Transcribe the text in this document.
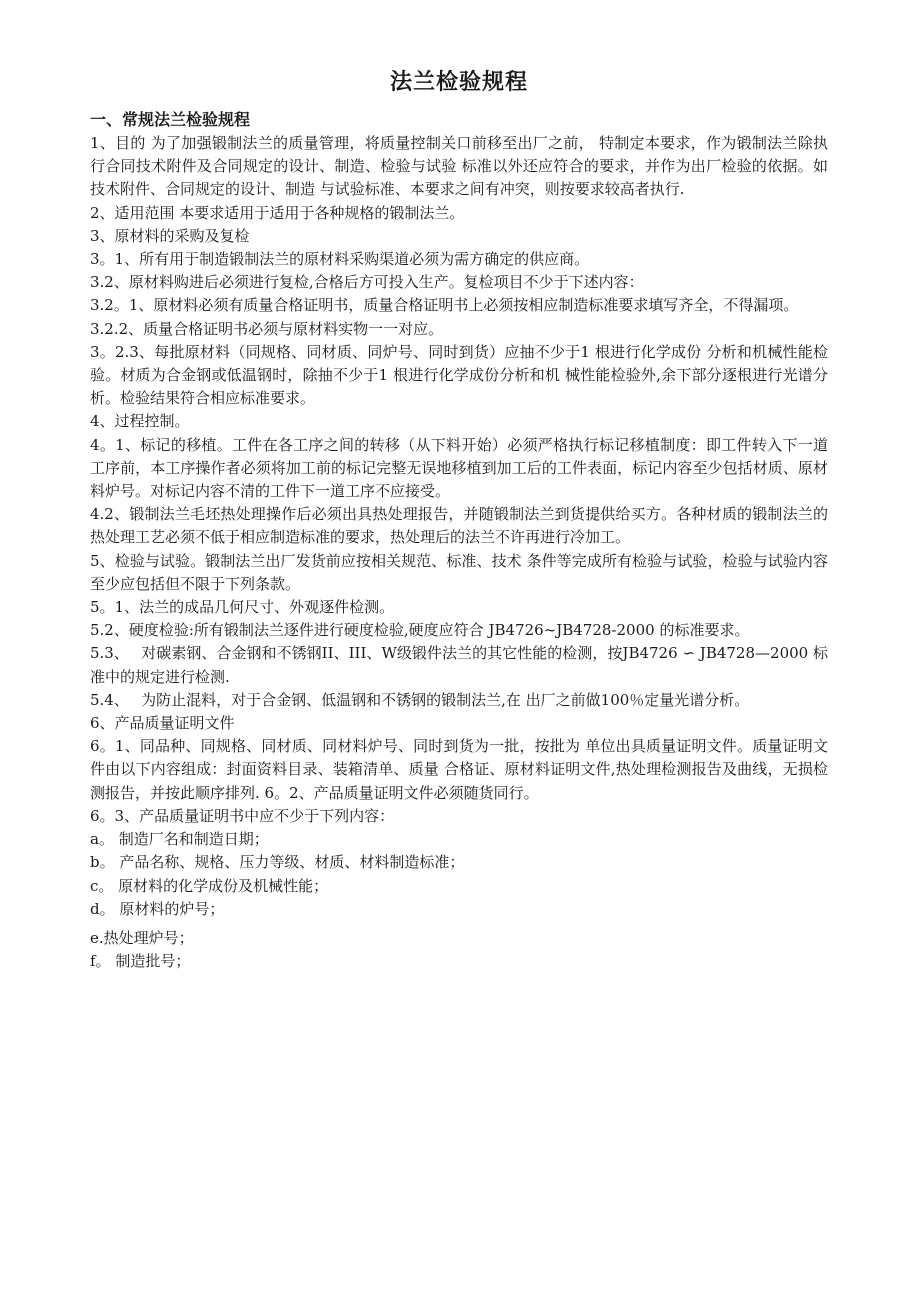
法兰检验规程
一、常规法兰检验规程

1、目的 为了加强锻制法兰的质量管理，将质量控制关口前移至出厂之前， 特制定本要求，作为锻制法兰除执行合同技术附件及合同规定的设计、制造、检验与试验 标准以外还应符合的要求，并作为出厂检验的依据。如技术附件、合同规定的设计、制造 与试验标准、本要求之间有冲突，则按要求较高者执行.

2、适用范围 本要求适用于适用于各种规格的锻制法兰。

3、原材料的采购及复检

3。1、所有用于制造锻制法兰的原材料采购渠道必须为需方确定的供应商。

3.2、原材料购进后必须进行复检,合格后方可投入生产。复检项目不少于下述内容：

3.2。1、原材料必须有质量合格证明书，质量合格证明书上必须按相应制造标准要求填写齐全，不得漏项。

3.2.2、质量合格证明书必须与原材料实物一一对应。

3。2.3、每批原材料（同规格、同材质、同炉号、同时到货）应抽不少于1 根进行化学成份 分析和机械性能检验。材质为合金钢或低温钢时，除抽不少于1 根进行化学成份分析和机 械性能检验外,余下部分逐根进行光谱分析。检验结果符合相应标准要求。

4、过程控制。

4。1、标记的移植。工件在各工序之间的转移（从下料开始）必须严格执行标记移植制度：即工件转入下一道工序前，本工序操作者必须将加工前的标记完整无误地移植到加工后的工件表面，标记内容至少包括材质、原材料炉号。对标记内容不清的工件下一道工序不应接受。

4.2、锻制法兰毛坯热处理操作后必须出具热处理报告，并随锻制法兰到货提供给买方。各种材质的锻制法兰的热处理工艺必须不低于相应制造标准的要求，热处理后的法兰不许再进行冷加工。

5、检验与试验。锻制法兰出厂发货前应按相关规范、标准、技术 条件等完成所有检验与试验，检验与试验内容至少应包括但不限于下列条款。

5。1、法兰的成品几何尺寸、外观逐件检测。

5.2、硬度检验:所有锻制法兰逐件进行硬度检验,硬度应符合 JB4726~JB4728-2000 的标准要求。

5.3、　 对碳素钢、合金钢和不锈钢II、III、W级锻件法兰的其它性能的检测，按JB4726 ∽ JB4728—2000 标准中的规定进行检测.

5.4、　 为防止混料，对于合金钢、低温钢和不锈钢的锻制法兰,在 出厂之前做100％定量光谱分析。

6、产品质量证明文件

6。1、同品种、同规格、同材质、同材料炉号、同时到货为一批，按批为 单位出具质量证明文件。质量证明文件由以下内容组成：封面资料目录、装箱清单、质量 合格证、原材料证明文件,热处理检测报告及曲线，无损检测报告，并按此顺序排列. 6。2、产品质量证明文件必须随货同行。

6。3、产品质量证明书中应不少于下列内容：

a。 制造厂名和制造日期；

b。 产品名称、规格、压力等级、材质、材料制造标准；

c。 原材料的化学成份及机械性能；

d。 原材料的炉号；

e.热处理炉号；

f。 制造批号；
